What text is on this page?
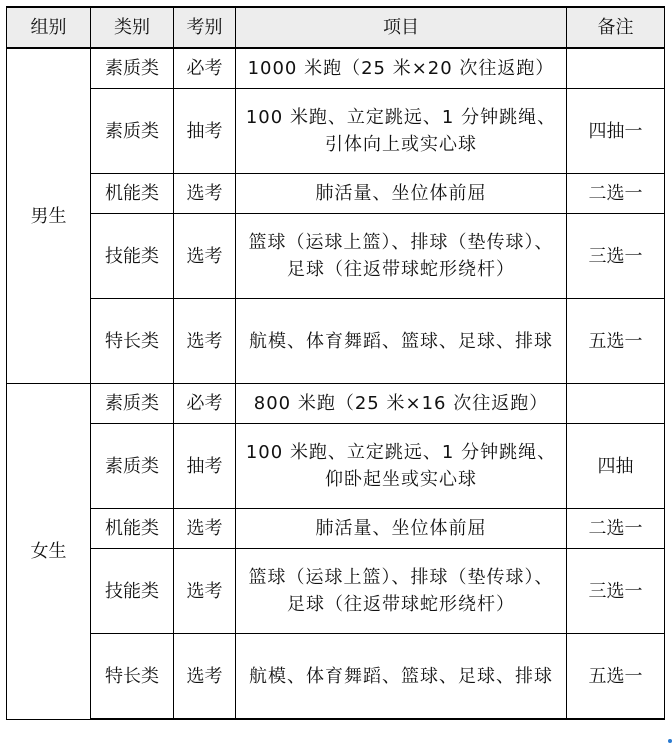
组别	类别	考别	项目	备注
男生	素质类	必考	1000 米跑（25 米×20 次往返跑）	
	素质类	抽考	100 米跑、立定跳远、1 分钟跳绳、引体向上或实心球	四抽一
	机能类	选考	肺活量、坐位体前屈	二选一
	技能类	选考	篮球（运球上篮）、排球（垫传球）、足球（往返带球蛇形绕杆）	三选一
	特长类	选考	航模、体育舞蹈、篮球、足球、排球	五选一
女生	素质类	必考	800 米跑（25 米×16 次往返跑）	
	素质类	抽考	100 米跑、立定跳远、1 分钟跳绳、仰卧起坐或实心球	四抽
	机能类	选考	肺活量、坐位体前屈	二选一
	技能类	选考	篮球（运球上篮）、排球（垫传球）、足球（往返带球蛇形绕杆）	三选一
	特长类	选考	航模、体育舞蹈、篮球、足球、排球	五选一
